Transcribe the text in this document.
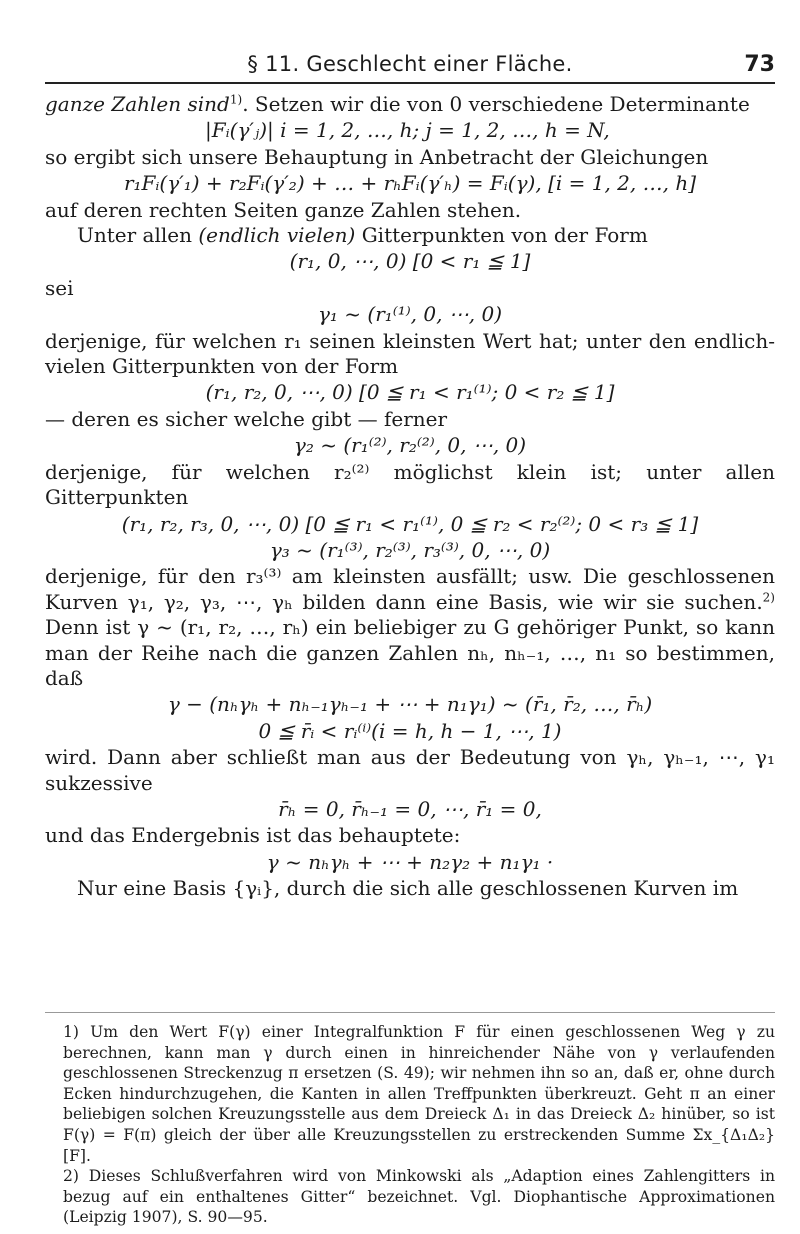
§ 11. Geschlecht einer Fläche.	73

ganze Zahlen sind$^{1)}$. Setzen wir die von 0 verschiedene Determinante

|Fᵢ(γ′ⱼ)| i = 1, 2, …, h; j = 1, 2, …, h = N,

so ergibt sich unsere Behauptung in Anbetracht der Gleichungen

r₁Fᵢ(γ′₁) + r₂Fᵢ(γ′₂) + … + rₕFᵢ(γ′ₕ) = Fᵢ(γ), [i = 1, 2, …, h]

auf deren rechten Seiten ganze Zahlen stehen.

Unter allen (endlich vielen) Gitterpunkten von der Form

(r₁, 0, ⋯, 0) [0 < r₁ ≦ 1]

sei

γ₁ ~ (r₁⁽¹⁾, 0, ⋯, 0)

derjenige, für welchen r₁ seinen kleinsten Wert hat; unter den endlich-vielen Gitterpunkten von der Form

(r₁, r₂, 0, ⋯, 0) [0 ≦ r₁ < r₁⁽¹⁾; 0 < r₂ ≦ 1]

— deren es sicher welche gibt — ferner

γ₂ ~ (r₁⁽²⁾, r₂⁽²⁾, 0, ⋯, 0)

derjenige, für welchen r₂⁽²⁾ möglichst klein ist; unter allen Gitterpunkten

(r₁, r₂, r₃, 0, ⋯, 0) [0 ≦ r₁ < r₁⁽¹⁾, 0 ≦ r₂ < r₂⁽²⁾; 0 < r₃ ≦ 1]
γ₃ ~ (r₁⁽³⁾, r₂⁽³⁾, r₃⁽³⁾, 0, ⋯, 0)

derjenige, für den r₃⁽³⁾ am kleinsten ausfällt; usw. Die geschlossenen Kurven γ₁, γ₂, γ₃, ⋯, γₕ bilden dann eine Basis, wie wir sie suchen.$^{2)}$ Denn ist γ ~ (r₁, r₂, …, rₕ) ein beliebiger zu G gehöriger Punkt, so kann man der Reihe nach die ganzen Zahlen nₕ, nₕ₋₁, …, n₁ so bestimmen, daß

γ − (nₕγₕ + nₕ₋₁γₕ₋₁ + ⋯ + n₁γ₁) ~ (r̄₁, r̄₂, …, r̄ₕ)
0 ≦ r̄ᵢ < rᵢ⁽ⁱ⁾(i = h, h − 1, ⋯, 1)

wird. Dann aber schließt man aus der Bedeutung von γₕ, γₕ₋₁, ⋯, γ₁ sukzessive

r̄ₕ = 0, r̄ₕ₋₁ = 0, ⋯, r̄₁ = 0,

und das Endergebnis ist das behauptete:

γ ~ nₕγₕ + ⋯ + n₂γ₂ + n₁γ₁ ·

Nur eine Basis {γᵢ}, durch die sich alle geschlossenen Kurven im

1) Um den Wert F(γ) einer Integralfunktion F für einen geschlossenen Weg γ zu berechnen, kann man γ durch einen in hinreichender Nähe von γ verlaufenden geschlossenen Streckenzug π ersetzen (S. 49); wir nehmen ihn so an, daß er, ohne durch Ecken hindurchzugehen, die Kanten in allen Treffpunkten überkreuzt. Geht π an einer beliebigen solchen Kreuzungsstelle aus dem Dreieck Δ₁ in das Dreieck Δ₂ hinüber, so ist F(γ) = F(π) gleich der über alle Kreuzungsstellen zu erstreckenden Summe Σx_{Δ₁Δ₂}[F].

2) Dieses Schlußverfahren wird von Minkowski als „Adaption eines Zahlengitters in bezug auf ein enthaltenes Gitter“ bezeichnet. Vgl. Diophantische Approximationen (Leipzig 1907), S. 90—95.
